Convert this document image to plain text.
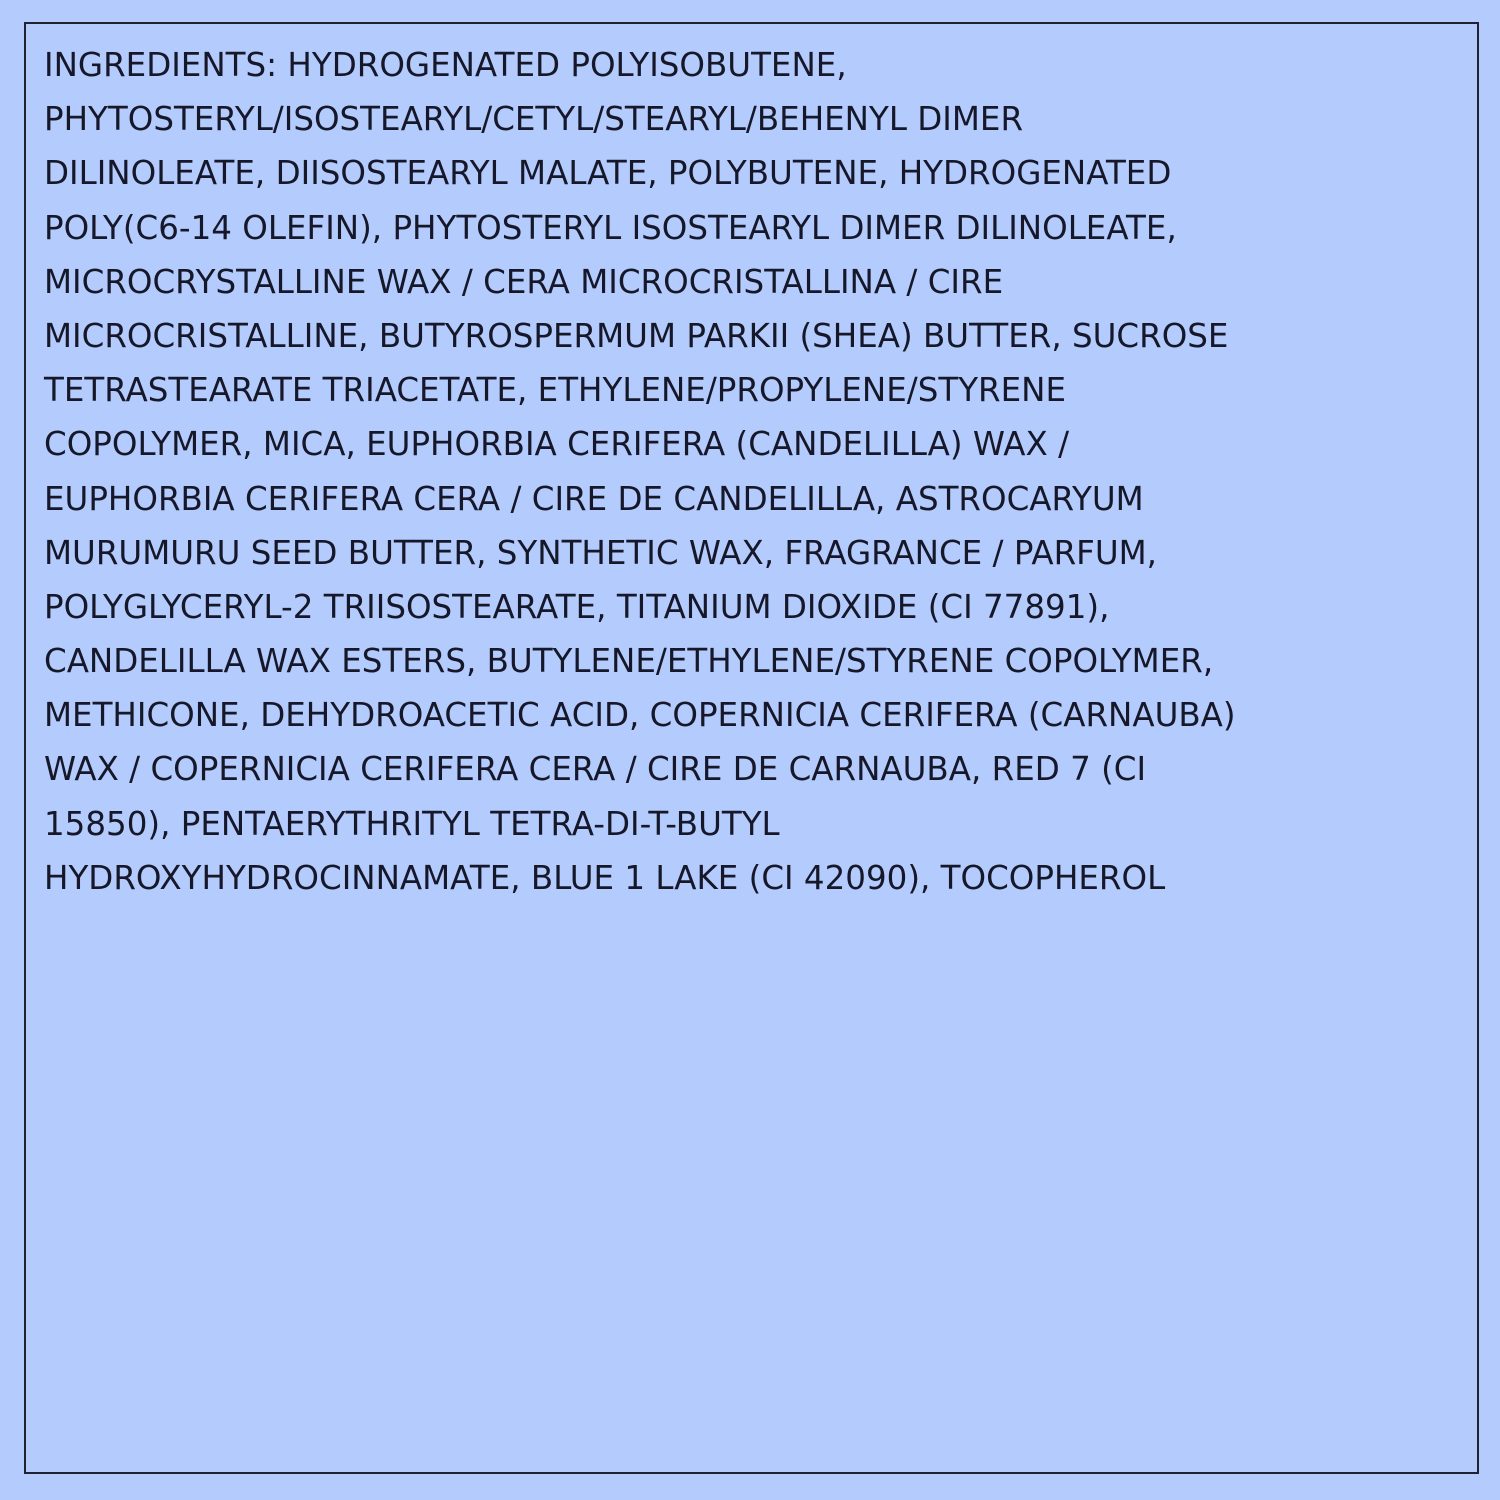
INGREDIENTS: HYDROGENATED POLYISOBUTENE,
PHYTOSTERYL/ISOSTEARYL/CETYL/STEARYL/BEHENYL DIMER
DILINOLEATE, DIISOSTEARYL MALATE, POLYBUTENE, HYDROGENATED
POLY(C6-14 OLEFIN), PHYTOSTERYL ISOSTEARYL DIMER DILINOLEATE,
MICROCRYSTALLINE WAX / CERA MICROCRISTALLINA / CIRE
MICROCRISTALLINE, BUTYROSPERMUM PARKII (SHEA) BUTTER, SUCROSE
TETRASTEARATE TRIACETATE, ETHYLENE/PROPYLENE/STYRENE
COPOLYMER, MICA, EUPHORBIA CERIFERA (CANDELILLA) WAX /
EUPHORBIA CERIFERA CERA / CIRE DE CANDELILLA, ASTROCARYUM
MURUMURU SEED BUTTER, SYNTHETIC WAX, FRAGRANCE / PARFUM,
POLYGLYCERYL-2 TRIISOSTEARATE, TITANIUM DIOXIDE (CI 77891),
CANDELILLA WAX ESTERS, BUTYLENE/ETHYLENE/STYRENE COPOLYMER,
METHICONE, DEHYDROACETIC ACID, COPERNICIA CERIFERA (CARNAUBA)
WAX / COPERNICIA CERIFERA CERA / CIRE DE CARNAUBA, RED 7 (CI
15850), PENTAERYTHRITYL TETRA-DI-T-BUTYL
HYDROXYHYDROCINNAMATE, BLUE 1 LAKE (CI 42090), TOCOPHEROL
